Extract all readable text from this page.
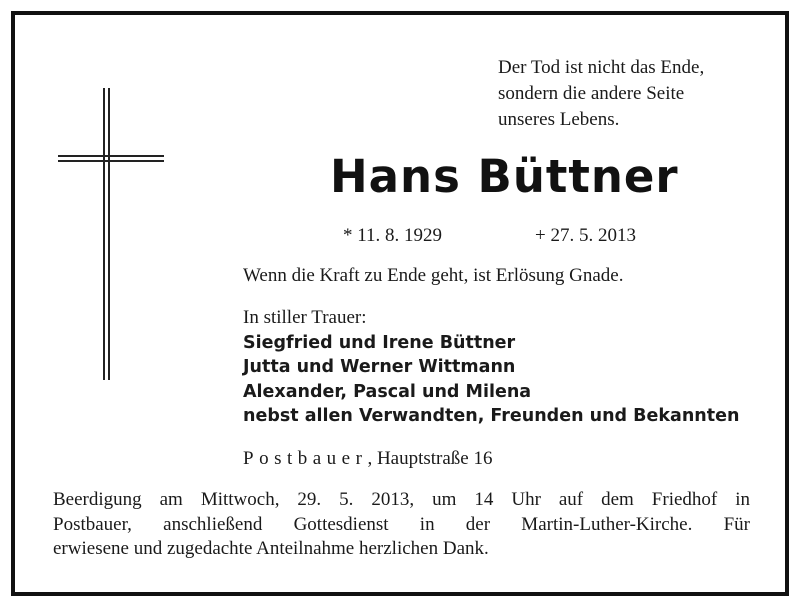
Der Tod ist nicht das Ende,
sondern die andere Seite
unseres Lebens.
Hans Büttner
* 11. 8. 1929	+ 27. 5. 2013
Wenn die Kraft zu Ende geht, ist Erlösung Gnade.
In stiller Trauer:
Siegfried und Irene Büttner
Jutta und Werner Wittmann
Alexander, Pascal und Milena
nebst allen Verwandten, Freunden und Bekannten
Postbauer, Hauptstraße 16
Beerdigung am Mittwoch, 29. 5. 2013, um 14 Uhr auf dem Friedhof in
Postbauer, anschließend Gottesdienst in der Martin-Luther-Kirche. Für
erwiesene und zugedachte Anteilnahme herzlichen Dank.
